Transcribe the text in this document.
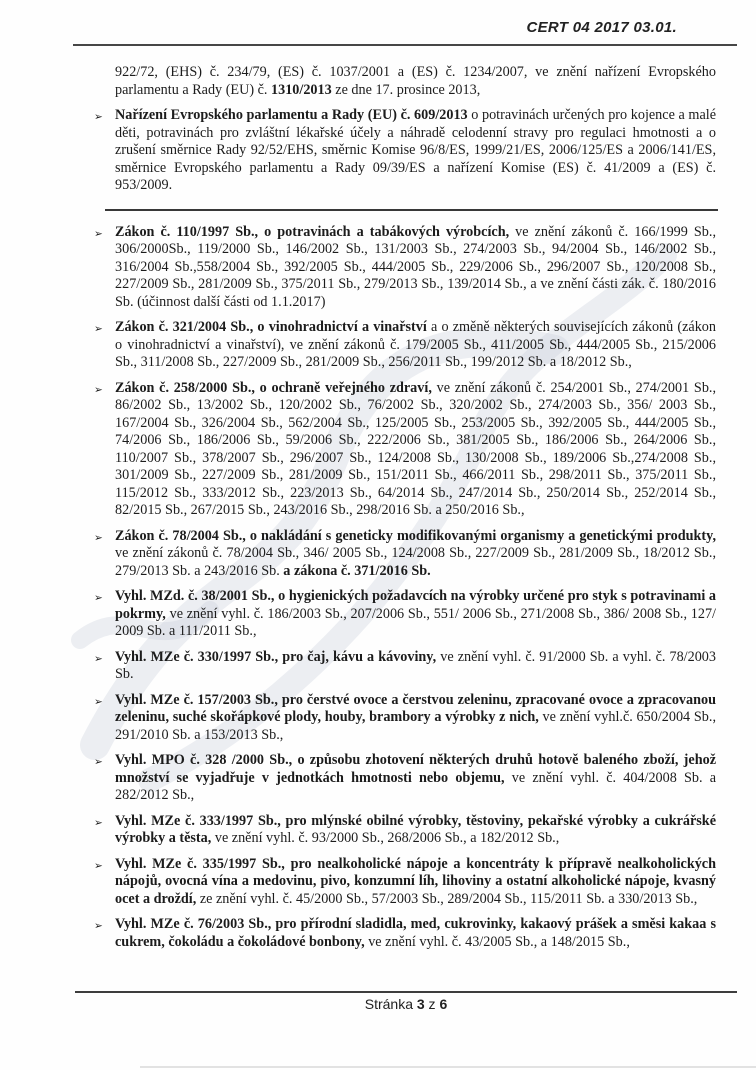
CERT 04 2017 03.01.
922/72, (EHS) č. 234/79, (ES) č. 1037/2001 a (ES) č. 1234/2007, ve znění nařízení Evropského parlamentu a Rady (EU) č. 1310/2013 ze dne 17. prosince 2013,
➢ Nařízení Evropského parlamentu a Rady (EU) č. 609/2013 o potravinách určených pro kojence a malé děti, potravinách pro zvláštní lékařské účely a náhradě celodenní stravy pro regulaci hmotnosti a o zrušení směrnice Rady 92/52/EHS, směrnic Komise 96/8/ES, 1999/21/ES, 2006/125/ES a 2006/141/ES, směrnice Evropského parlamentu a Rady 09/39/ES a nařízení Komise (ES) č. 41/2009 a (ES) č. 953/2009.
➢ Zákon č. 110/1997 Sb., o potravinách a tabákových výrobcích, ve znění zákonů č. 166/1999 Sb., 306/2000Sb., 119/2000 Sb., 146/2002 Sb., 131/2003 Sb., 274/2003 Sb., 94/2004 Sb., 146/2002 Sb., 316/2004 Sb.,558/2004 Sb., 392/2005 Sb., 444/2005 Sb., 229/2006 Sb., 296/2007 Sb., 120/2008 Sb., 227/2009 Sb., 281/2009 Sb., 375/2011 Sb., 279/2013 Sb., 139/2014 Sb., a ve znění části zák. č. 180/2016 Sb. (účinnost další části od 1.1.2017)
➢ Zákon č. 321/2004 Sb., o vinohradnictví a vinařství a o změně některých souvisejících zákonů (zákon o vinohradnictví a vinařství), ve znění zákonů č. 179/2005 Sb., 411/2005 Sb., 444/2005 Sb., 215/2006 Sb., 311/2008 Sb., 227/2009 Sb., 281/2009 Sb., 256/2011 Sb., 199/2012 Sb. a 18/2012 Sb.,
➢ Zákon č. 258/2000 Sb., o ochraně veřejného zdraví, ve znění zákonů č. 254/2001 Sb., 274/2001 Sb., 86/2002 Sb., 13/2002 Sb., 120/2002 Sb., 76/2002 Sb., 320/2002 Sb., 274/2003 Sb., 356/ 2003 Sb., 167/2004 Sb., 326/2004 Sb., 562/2004 Sb., 125/2005 Sb., 253/2005 Sb., 392/2005 Sb., 444/2005 Sb., 74/2006 Sb., 186/2006 Sb., 59/2006 Sb., 222/2006 Sb., 381/2005 Sb., 186/2006 Sb., 264/2006 Sb., 110/2007 Sb., 378/2007 Sb., 296/2007 Sb., 124/2008 Sb., 130/2008 Sb., 189/2006 Sb.,274/2008 Sb., 301/2009 Sb., 227/2009 Sb., 281/2009 Sb., 151/2011 Sb., 466/2011 Sb., 298/2011 Sb., 375/2011 Sb., 115/2012 Sb., 333/2012 Sb., 223/2013 Sb., 64/2014 Sb., 247/2014 Sb., 250/2014 Sb., 252/2014 Sb., 82/2015 Sb., 267/2015 Sb., 243/2016 Sb., 298/2016 Sb. a 250/2016 Sb.,
➢ Zákon č. 78/2004 Sb., o nakládání s geneticky modifikovanými organismy a genetickými produkty, ve znění zákonů č. 78/2004 Sb., 346/ 2005 Sb., 124/2008 Sb., 227/2009 Sb., 281/2009 Sb., 18/2012 Sb., 279/2013 Sb. a 243/2016 Sb. a zákona č. 371/2016 Sb.
➢ Vyhl. MZd. č. 38/2001 Sb., o hygienických požadavcích na výrobky určené pro styk s potravinami a pokrmy, ve znění vyhl. č. 186/2003 Sb., 207/2006 Sb., 551/ 2006 Sb., 271/2008 Sb., 386/ 2008 Sb., 127/ 2009 Sb. a 111/2011 Sb.,
➢ Vyhl. MZe č. 330/1997 Sb., pro čaj, kávu a kávoviny, ve znění vyhl. č. 91/2000 Sb. a vyhl. č. 78/2003 Sb.
➢ Vyhl. MZe č. 157/2003 Sb., pro čerstvé ovoce a čerstvou zeleninu, zpracované ovoce a zpracovanou zeleninu, suché skořápkové plody, houby, brambory a výrobky z nich, ve znění vyhl.č. 650/2004 Sb., 291/2010 Sb. a 153/2013 Sb.,
➢ Vyhl. MPO č. 328 /2000 Sb., o způsobu zhotovení některých druhů hotově baleného zboží, jehož množství se vyjadřuje v jednotkách hmotnosti nebo objemu, ve znění vyhl. č. 404/2008 Sb. a 282/2012 Sb.,
➢ Vyhl. MZe č. 333/1997 Sb., pro mlýnské obilné výrobky, těstoviny, pekařské výrobky a cukrářské výrobky a těsta, ve znění vyhl. č. 93/2000 Sb., 268/2006 Sb., a 182/2012 Sb.,
➢ Vyhl. MZe č. 335/1997 Sb., pro nealkoholické nápoje a koncentráty k přípravě nealkoholických nápojů, ovocná vína a medovinu, pivo, konzumní líh, lihoviny a ostatní alkoholické nápoje, kvasný ocet a droždí, ze znění vyhl. č. 45/2000 Sb., 57/2003 Sb., 289/2004 Sb., 115/2011 Sb. a 330/2013 Sb.,
➢ Vyhl. MZe č. 76/2003 Sb., pro přírodní sladidla, med, cukrovinky, kakaový prášek a směsi kakaa s cukrem, čokoládu a čokoládové bonbony, ve znění vyhl. č. 43/2005 Sb., a 148/2015 Sb.,
Stránka 3 z 6
